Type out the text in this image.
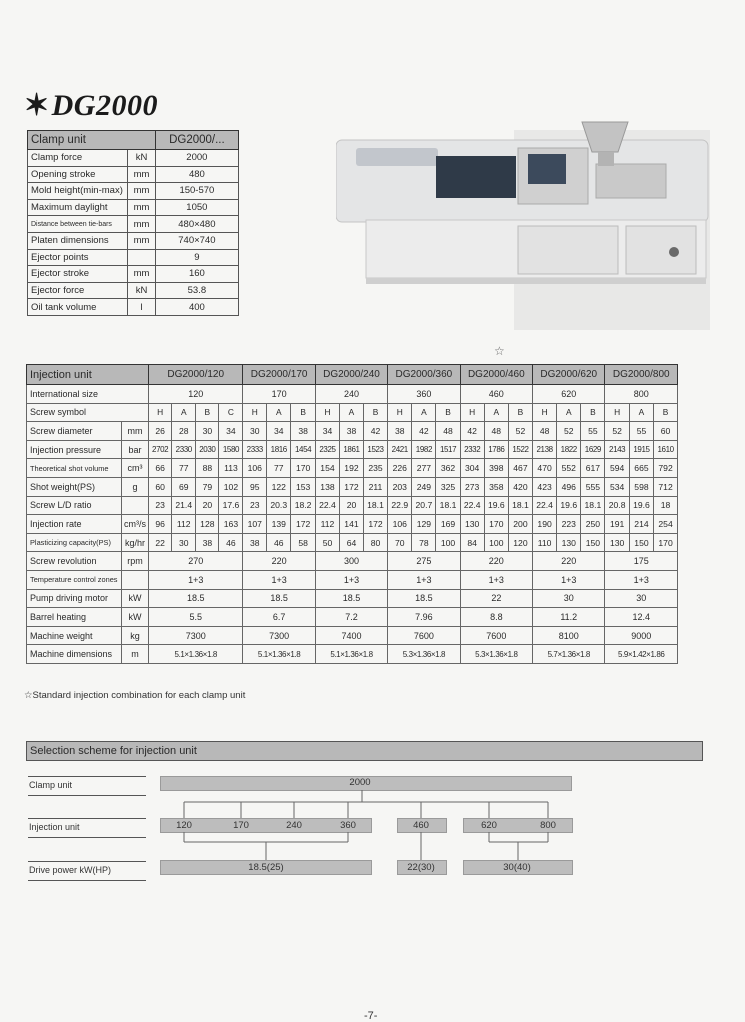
✶DG2000
Clamp unit		DG2000/...
Clamp force	kN	2000
Opening stroke	mm	480
Mold height(min-max)	mm	150-570
Maximum daylight	mm	1050
Distance between tie-bars	mm	480×480
Platen dimensions	mm	740×740
Ejector points		9
Ejector stroke	mm	160
Ejector force	kN	53.8
Oil tank volume	l	400
☆
Injection unit		DG2000/120				DG2000/170			DG2000/240			DG2000/360			DG2000/460			DG2000/620			DG2000/800		
International size		120				170			240			360			460			620			800		
Screw symbol		H	A	B	C	H	A	B	H	A	B	H	A	B	H	A	B	H	A	B	H	A	B
Screw diameter	mm	26	28	30	34	30	34	38	34	38	42	38	42	48	42	48	52	48	52	55	52	55	60
Injection pressure	bar	2702	2330	2030	1580	2333	1816	1454	2325	1861	1523	2421	1982	1517	2332	1786	1522	2138	1822	1629	2143	1915	1610
Theoretical shot volume	cm³	66	77	88	113	106	77	170	154	192	235	226	277	362	304	398	467	470	552	617	594	665	792
Shot weight(PS)	g	60	69	79	102	95	122	153	138	172	211	203	249	325	273	358	420	423	496	555	534	598	712
Screw L/D ratio		23	21.4	20	17.6	23	20.3	18.2	22.4	20	18.1	22.9	20.7	18.1	22.4	19.6	18.1	22.4	19.6	18.1	20.8	19.6	18
Injection rate	cm³/s	96	112	128	163	107	139	172	112	141	172	106	129	169	130	170	200	190	223	250	191	214	254
Plasticizing capacity(PS)	kg/hr	22	30	38	46	38	46	58	50	64	80	70	78	100	84	100	120	110	130	150	130	150	170
Screw revolution	rpm	270				220			300			275			220			220			175		
Temperature control zones		1+3				1+3			1+3			1+3			1+3			1+3			1+3		
Pump driving motor	kW	18.5				18.5			18.5			18.5			22			30			30		
Barrel heating	kW	5.5				6.7			7.2			7.96			8.8			11.2			12.4		
Machine weight	kg	7300				7300			7400			7600			7600			8100			9000		
Machine dimensions	m	5.1×1.36×1.8				5.1×1.36×1.8			5.1×1.36×1.8			5.3×1.36×1.8			5.3×1.36×1.8			5.7×1.36×1.8			5.9×1.42×1.86		
☆Standard injection combination for each clamp unit
Selection scheme for injection unit
Clamp unit	2000
Injection unit	120	170	240	360	460	620	800
Drive power kW(HP)	18.5(25)	22(30)	30(40)
-7-
